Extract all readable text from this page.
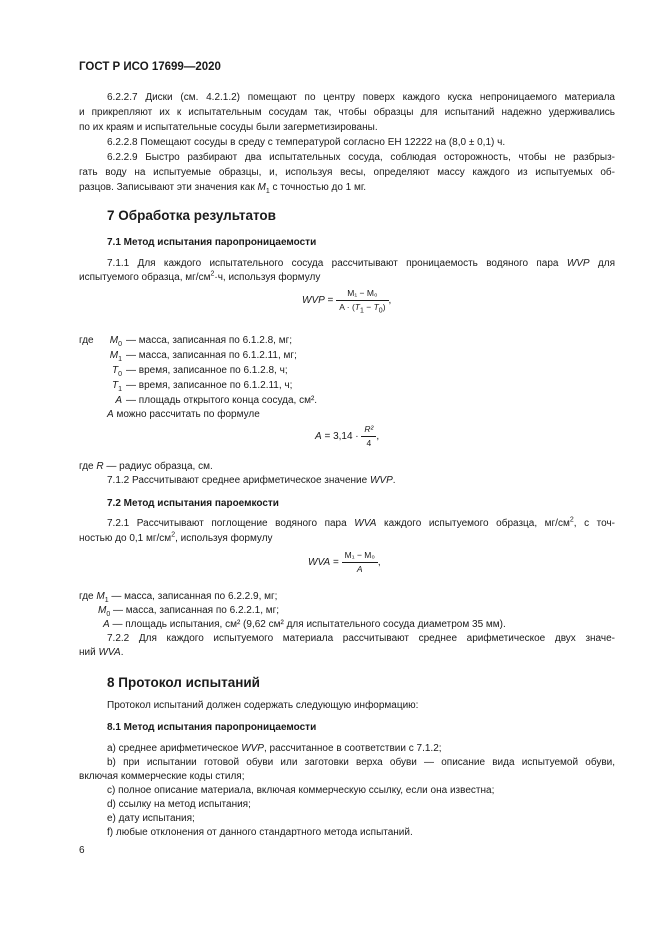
ГОСТ Р ИСО 17699—2020
6.2.2.7 Диски (см. 4.2.1.2) помещают по центру поверх каждого куска непроницаемого материала
и прикрепляют их к испытательным сосудам так, чтобы образцы для испытаний надежно удерживались
по их краям и испытательные сосуды были загерметизированы.
6.2.2.8 Помещают сосуды в среду с температурой согласно ЕН 12222 на (8,0 ± 0,1) ч.
6.2.2.9 Быстро разбирают два испытательных сосуда, соблюдая осторожность, чтобы не разбрыз-
гать воду на испытуемые образцы, и, используя весы, определяют массу каждого из испытуемых об-
разцов. Записывают эти значения как $M_1$ с точностью до 1 мг.
7 Обработка результатов
7.1 Метод испытания паропроницаемости
7.1.1 Для каждого испытательного сосуда рассчитывают проницаемость водяного пара WVP для
испытуемого образца, $мг/см^2\cdot ч$, используя формулу
WVP = $\frac{\text{M₁ − M₀}}{A \cdot (T_1 - T_0)}$ ,
где	$M_0$ — масса, записанная по 6.1.2.8, мг;
$M_1$ — масса, записанная по 6.1.2.11, мг;
$T_0$ — время, записанное по 6.1.2.8, ч;
$T_1$ — время, записанное по 6.1.2.11, ч;
A — площадь открытого конца сосуда, см².
A можно рассчитать по формуле
$A = 3,14 \cdot \frac{\text{R²}}{4}$ ,
где R — радиус образца, см.
7.1.2 Рассчитывают среднее арифметическое значение WVP.
7.2 Метод испытания пароемкости
7.2.1 Рассчитывают поглощение водяного пара WVA каждого испытуемого образца, $мг/см^2$, с точ-
ностью до 0,1 $мг/см^2$, используя формулу
WVA = $\frac{\text{M₁ − M₀}}{A}$ ,
где $M_1$ — масса, записанная по 6.2.2.9, мг;
$M_0$ — масса, записанная по 6.2.2.1, мг;
A — площадь испытания, см² (9,62 см² для испытательного сосуда диаметром 35 мм).
7.2.2 Для каждого испытуемого материала рассчитывают среднее арифметическое двух значе-
ний WVA.
8 Протокол испытаний
Протокол испытаний должен содержать следующую информацию:
8.1 Метод испытания паропроницаемости
a) среднее арифметическое WVP, рассчитанное в соответствии с 7.1.2;
b) при испытании готовой обуви или заготовки верха обуви — описание вида испытуемой обуви,
включая коммерческие коды стиля;
c) полное описание материала, включая коммерческую ссылку, если она известна;
d) ссылку на метод испытания;
e) дату испытания;
f) любые отклонения от данного стандартного метода испытаний.
6
